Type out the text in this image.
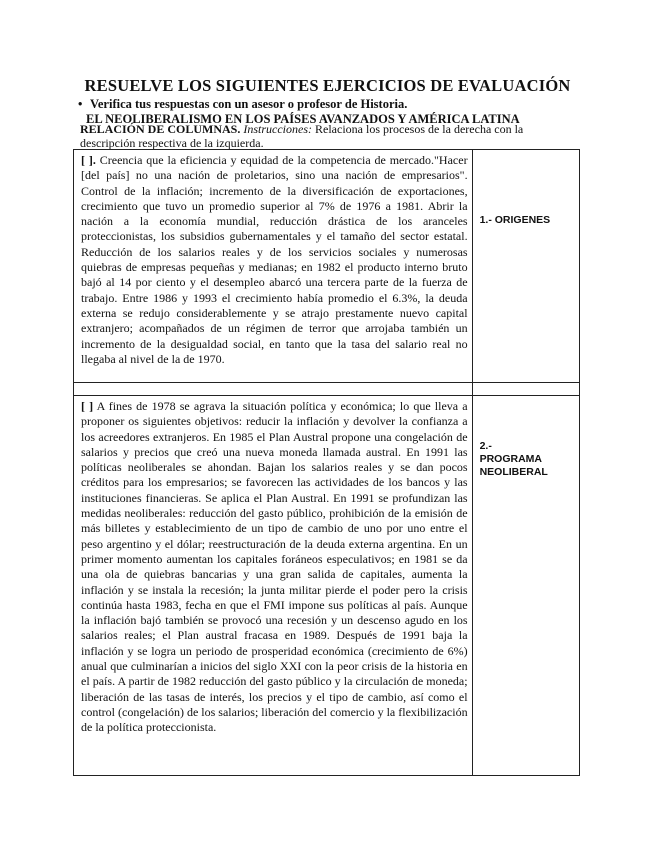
RESUELVE LOS SIGUIENTES EJERCICIOS DE EVALUACIÓN
• Verifica tus respuestas con un asesor o profesor de Historia.
EL NEOLIBERALISMO EN LOS PAÍSES AVANZADOS Y AMÉRICA LATINA
RELACIÓN DE COLUMNAS. Instrucciones: Relaciona los procesos de la derecha con la descripción respectiva de la izquierda.
[ ]. Creencia que la eficiencia y equidad de la competencia de mercado."Hacer [del país] no una nación de proletarios, sino una nación de empresarios". Control de la inflación; incremento de la diversificación de exportaciones, crecimiento que tuvo un promedio superior al 7% de 1976 a 1981. Abrir la nación a la economía mundial, reducción drástica de los aranceles proteccionistas, los subsidios gubernamentales y el tamaño del sector estatal. Reducción de los salarios reales y de los servicios sociales y numerosas quiebras de empresas pequeñas y medianas; en 1982 el producto interno bruto bajó al 14 por ciento y el desempleo abarcó una tercera parte de la fuerza de trabajo. Entre 1986 y 1993 el crecimiento había promedio el 6.3%, la deuda externa se redujo considerablemente y se atrajo prestamente nuevo capital extranjero; acompañados de un régimen de terror que arrojaba también un incremento de la desigualdad social, en tanto que la tasa del salario real no llegaba al nivel de la de 1970.	1.- ORIGENES

[ ] A fines de 1978 se agrava la situación política y económica; lo que lleva a proponer os siguientes objetivos: reducir la inflación y devolver la confianza a los acreedores extranjeros. En 1985 el Plan Austral propone una congelación de salarios y precios que creó una nueva moneda llamada austral. En 1991 las políticas neoliberales se ahondan. Bajan los salarios reales y se dan pocos créditos para los empresarios; se favorecen las actividades de los bancos y las instituciones financieras. Se aplica el Plan Austral. En 1991 se profundizan las medidas neoliberales: reducción del gasto público, prohibición de la emisión de más billetes y establecimiento de un tipo de cambio de uno por uno entre el peso argentino y el dólar; reestructuración de la deuda externa argentina. En un primer momento aumentan los capitales foráneos especulativos; en 1981 se da una ola de quiebras bancarias y una gran salida de capitales, aumenta la inflación y se instala la recesión; la junta militar pierde el poder pero la crisis continúa hasta 1983, fecha en que el FMI impone sus políticas al país. Aunque la inflación bajó también se provocó una recesión y un descenso agudo en los salarios reales; el Plan austral fracasa en 1989. Después de 1991 baja la inflación y se logra un periodo de prosperidad económica (crecimiento de 6%) anual que culminarían a inicios del siglo XXI con la peor crisis de la historia en el país. A partir de 1982 reducción del gasto público y la circulación de moneda; liberación de las tasas de interés, los precios y el tipo de cambio, así como el control (congelación) de los salarios; liberación del comercio y la flexibilización de la política proteccionista.	2.-
PROGRAMA NEOLIBERAL
